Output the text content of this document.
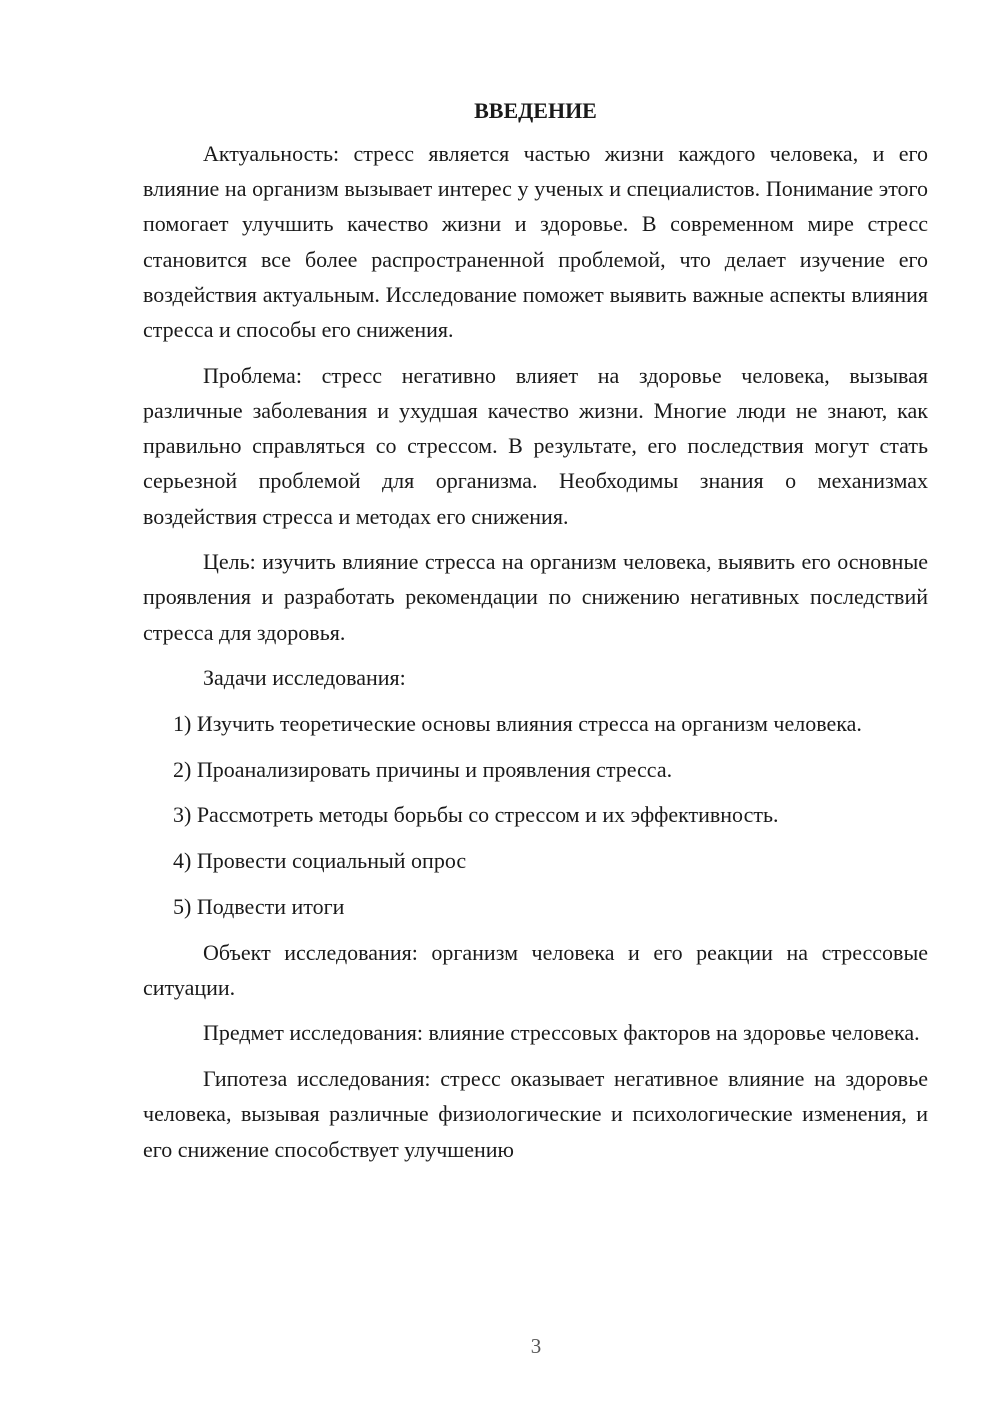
ВВЕДЕНИЕ

Актуальность: стресс является частью жизни каждого человека, и его влияние на организм вызывает интерес у ученых и специалистов. Понимание этого помогает улучшить качество жизни и здоровье. В современном мире стресс становится все более распространенной проблемой, что делает изучение его воздействия актуальным. Исследование поможет выявить важные аспекты влияния стресса и способы его снижения.

Проблема: стресс негативно влияет на здоровье человека, вызывая различные заболевания и ухудшая качество жизни. Многие люди не знают, как правильно справляться со стрессом. В результате, его последствия могут стать серьезной проблемой для организма. Необходимы знания о механизмах воздействия стресса и методах его снижения.

Цель: изучить влияние стресса на организм человека, выявить его основные проявления и разработать рекомендации по снижению негативных последствий стресса для здоровья.

Задачи исследования:

1) Изучить теоретические основы влияния стресса на организм человека.

2) Проанализировать причины и проявления стресса.

3) Рассмотреть методы борьбы со стрессом и их эффективность.

4) Провести социальный опрос

5) Подвести итоги

Объект исследования: организм человека и его реакции на стрессовые ситуации.

Предмет исследования: влияние стрессовых факторов на здоровье человека.

Гипотеза исследования: стресс оказывает негативное влияние на здоровье человека, вызывая различные физиологические и психологические изменения, и его снижение способствует улучшению

3
